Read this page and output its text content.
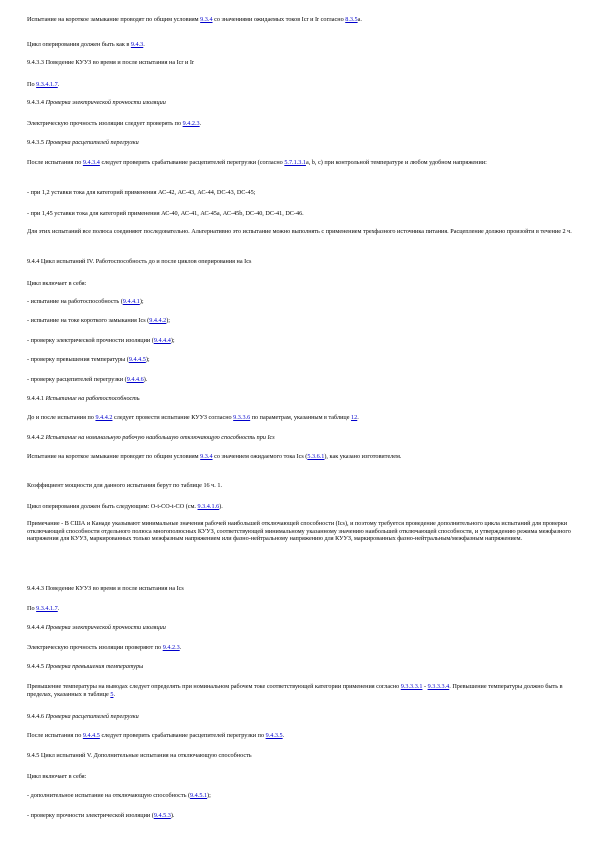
Испытание на короткое замыкание проводят по общим условиям 9.3.4 со значениями ожидаемых токов Icr и Ir согласно 8.3.5а.

Цикл оперирования должен быть как в 9.4.3.

9.4.3.3 Поведение КУУЗ во время и после испытания на Icr и Ir

По 9.3.4.1.7.

9.4.3.4 Проверка электрической прочности изоляции

Электрическую прочность изоляции следует проверять по 9.4.2.3.

9.4.3.5 Проверка расцепителей перегрузки

После испытания по 9.4.3.4 следует проверить срабатывание расцепителей перегрузки (согласно 5.7.1.3.1а, b, c) при контрольной температуре и любом удобном напряжении:

- при 1,2 уставки тока для категорий применения АС-42, АС-43, АС-44, DC-43, DC-45;

- при 1,45 уставки тока для категорий применения АС-40, АС-41, АС-45а, АС-45b, DC-40, DC-41, DC-46.

Для этих испытаний все полюса соединяют последовательно. Альтернативно это испытание можно выполнять с применением трехфазного источника питания. Расцепление должно произойти в течение 2 ч.

9.4.4 Цикл испытаний IV. Работоспособность до и после циклов оперирования на Ics

Цикл включает в себя:

- испытание на работоспособность (9.4.4.1);

- испытание на токе короткого замыкания Ics (9.4.4.2);

- проверку электрической прочности изоляции (9.4.4.4);

- проверку превышения температуры (9.4.4.5);

- проверку расцепителей перегрузки (9.4.4.6).

9.4.4.1 Испытание на работоспособность

До и после испытания по 9.4.4.2 следует провести испытание КУУЗ согласно 9.3.3.6 по параметрам, указанным в таблице 12.

9.4.4.2 Испытание на номинальную рабочую наибольшую отключающую способность при Ics

Испытание на короткое замыкание проводят по общим условиям 9.3.4 со значением ожидаемого тока Ics (5.3.6.1), как указано изготовителем.

Коэффициент мощности для данного испытания берут по таблице 16 ч. 1.

Цикл оперирования должен быть следующим: O-t-CO-t-CO (см. 9.3.4.1.6).

Примечание - В США и Канаде указывают минимальные значения рабочей наибольшей отключающей способности (Ics), и поэтому требуется проведение дополнительного цикла испытаний для проверки отключающей способности отдельного полюса многополюсных КУУЗ, соответствующей минимальному указанному значению наибольшей отключающей способности, и утверждению режима межфазного напряжения для КУУЗ, маркированных только межфазным напряжением или фазно-нейтральному напряжению для КУУЗ, маркированных фазно-нейтральным/межфазным напряжением.

9.4.4.3 Поведение КУУЗ во время и после испытания на Ics

По 9.3.4.1.7.

9.4.4.4 Проверка электрической прочности изоляции

Электрическую прочность изоляции проверяют по 9.4.2.3.

9.4.4.5 Проверка превышения температуры

Превышение температуры на выводах следует определять при номинальном рабочем токе соответствующей категории применения согласно 9.3.3.3.1 - 9.3.3.3.4. Превышение температуры должно быть в пределах, указанных в таблице 5.

9.4.4.6 Проверка расцепителей перегрузки

После испытания по 9.4.4.5 следует проверить срабатывание расцепителей перегрузки по 9.4.3.5.

9.4.5 Цикл испытаний V. Дополнительные испытания на отключающую способность

Цикл включает в себя:

- дополнительное испытание на отключающую способность (9.4.5.1);

- проверку прочности электрической изоляции (9.4.5.3).
